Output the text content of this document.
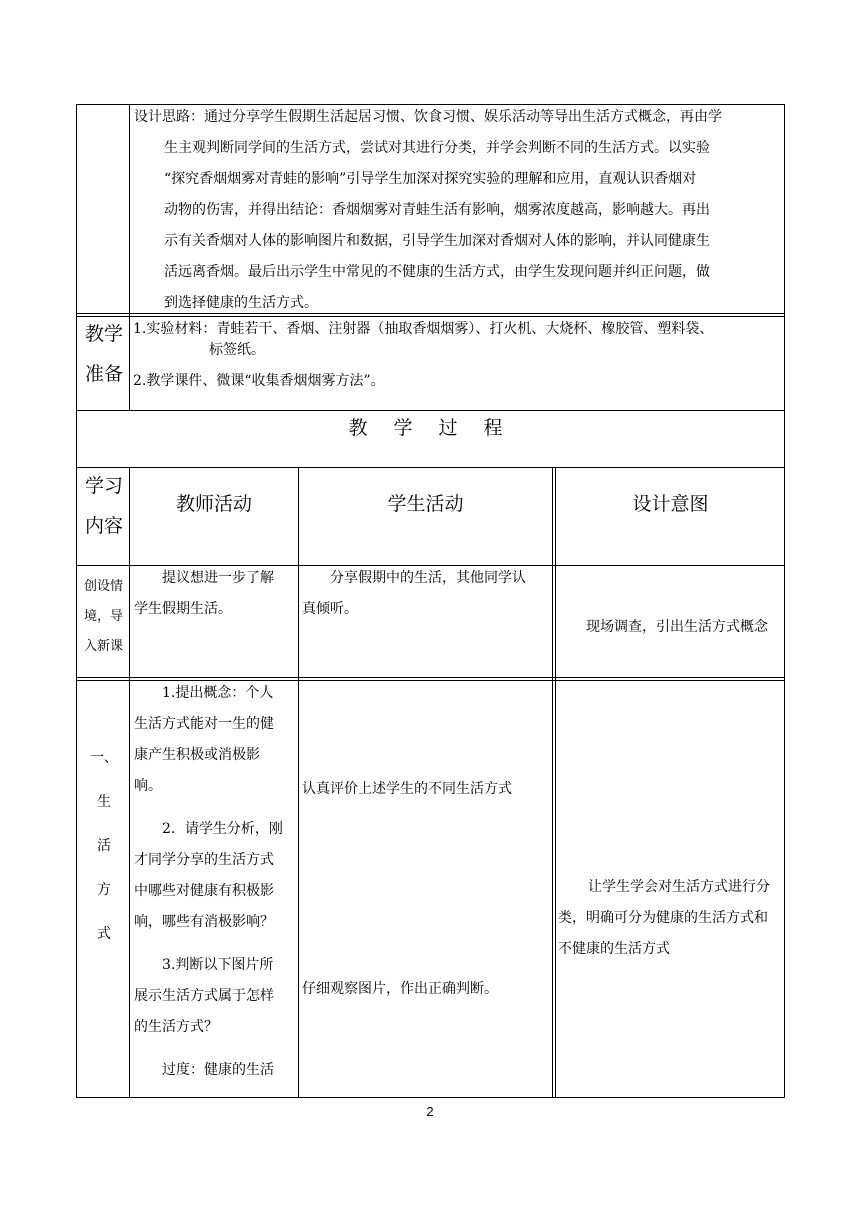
设计思路：通过分享学生假期生活起居习惯、饮食习惯、娱乐活动等导出生活方式概念，再由学
生主观判断同学间的生活方式，尝试对其进行分类，并学会判断不同的生活方式。以实验
“探究香烟烟雾对青蛙的影响”引导学生加深对探究实验的理解和应用，直观认识香烟对
动物的伤害，并得出结论：香烟烟雾对青蛙生活有影响，烟雾浓度越高，影响越大。再出
示有关香烟对人体的影响图片和数据，引导学生加深对香烟对人体的影响，并认同健康生
活远离香烟。最后出示学生中常见的不健康的生活方式，由学生发现问题并纠正问题，做
到选择健康的生活方式。
教学
准备
1.实验材料：青蛙若干、香烟、注射器（抽取香烟烟雾）、打火机、大烧杯、橡胶管、塑料袋、
标签纸。
2.教学课件、微课“收集香烟烟雾方法”。
教 学 过 程
学习
内容
教师活动	学生活动	设计意图
创设情
境，导
入新课
提议想进一步了解
学生假期生活。
分享假期中的生活，其他同学认
真倾听。
现场调查，引出生活方式概念
一、
生
活
方
式
1.提出概念：个人
生活方式能对一生的健
康产生积极或消极影
响。
2．请学生分析，刚
才同学分享的生活方式
中哪些对健康有积极影
响，哪些有消极影响？
3.判断以下图片所
展示生活方式属于怎样
的生活方式？
过度：健康的生活
认真评价上述学生的不同生活方式
仔细观察图片，作出正确判断。
让学生学会对生活方式进行分
类，明确可分为健康的生活方式和
不健康的生活方式
2
